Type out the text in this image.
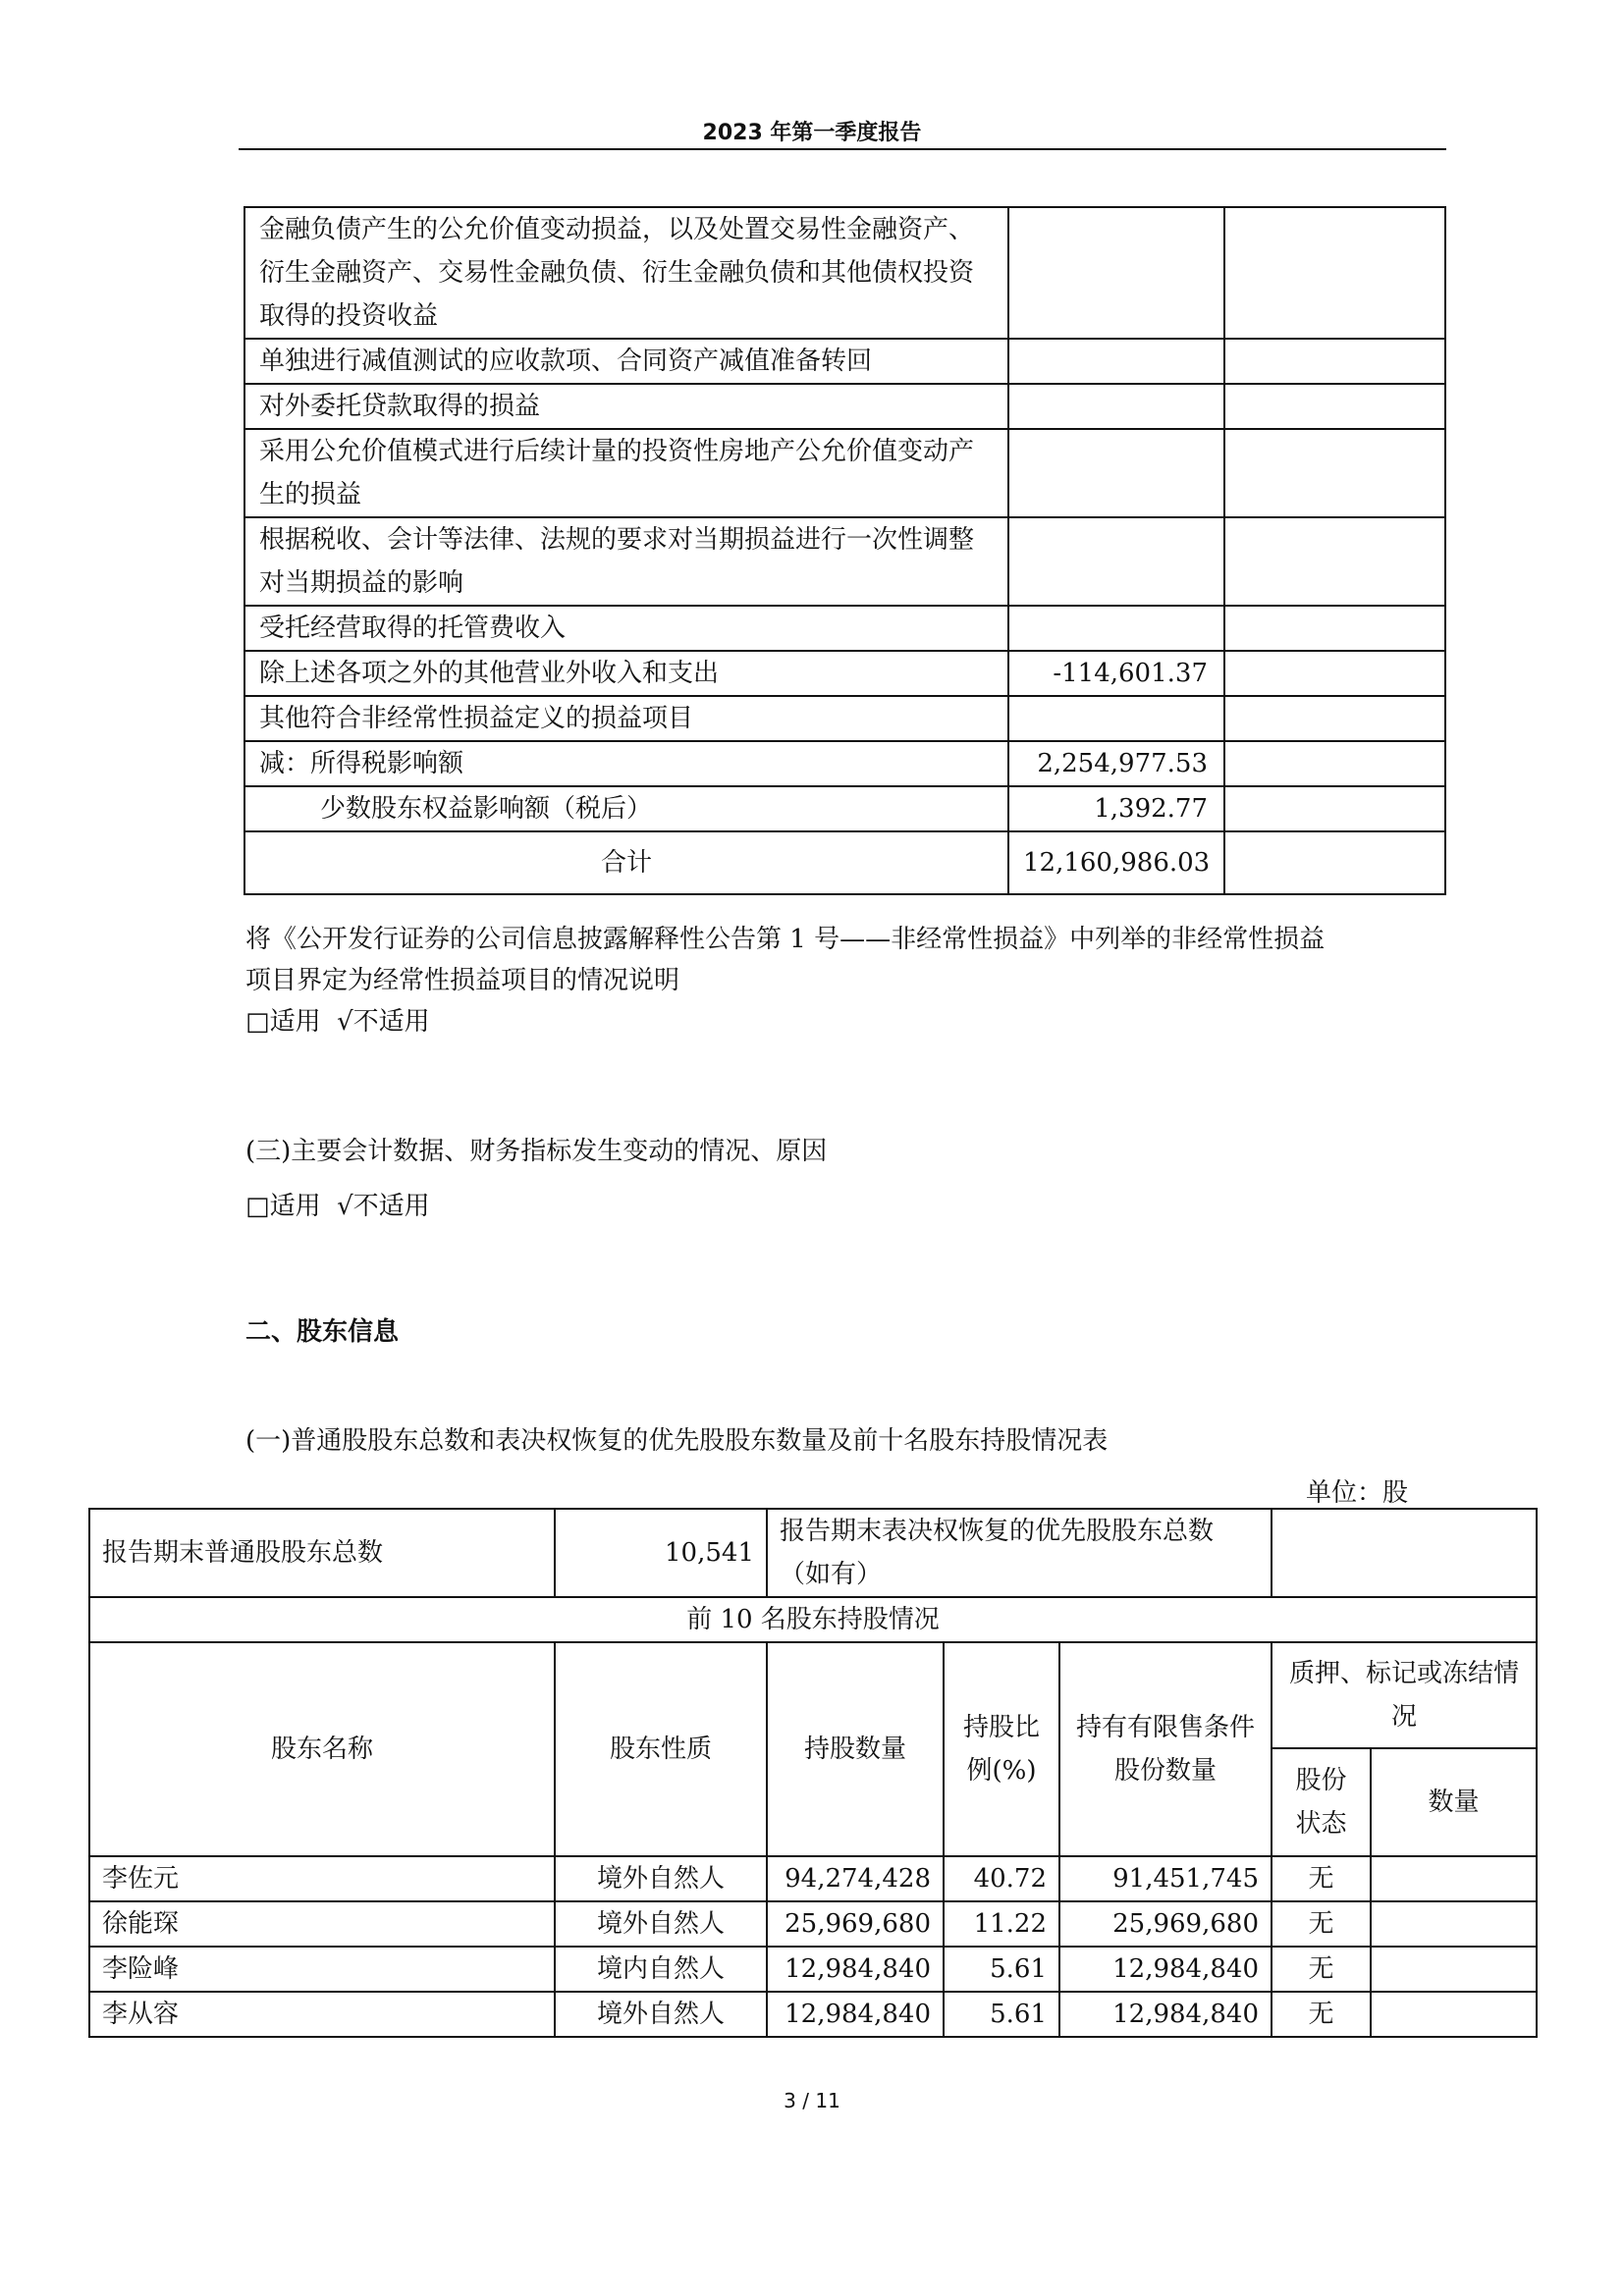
2023 年第一季度报告
金融负债产生的公允价值变动损益，以及处置交易性金融资产、衍生金融资产、交易性金融负债、衍生金融负债和其他债权投资取得的投资收益		
单独进行减值测试的应收款项、合同资产减值准备转回		
对外委托贷款取得的损益		
采用公允价值模式进行后续计量的投资性房地产公允价值变动产生的损益		
根据税收、会计等法律、法规的要求对当期损益进行一次性调整对当期损益的影响		
受托经营取得的托管费收入		
除上述各项之外的其他营业外收入和支出	-114,601.37	
其他符合非经常性损益定义的损益项目		
减：所得税影响额	2,254,977.53	
少数股东权益影响额（税后）	1,392.77	
合计	12,160,986.03	
将《公开发行证券的公司信息披露解释性公告第 1 号——非经常性损益》中列举的非经常性损益
项目界定为经常性损益项目的情况说明
□适用  √不适用
(三)主要会计数据、财务指标发生变动的情况、原因
□适用  √不适用
二、股东信息
(一)普通股股东总数和表决权恢复的优先股股东数量及前十名股东持股情况表
单位：股
报告期末普通股股东总数	10,541	报告期末表决权恢复的优先股股东总数（如有）				
前 10 名股东持股情况						
股东名称	股东性质	持股数量	持股比例(%)	持有有限售条件股份数量	质押、标记或冻结情况	
					股份状态	数量
李佐元	境外自然人	94,274,428	40.72	91,451,745	无	
徐能琛	境外自然人	25,969,680	11.22	25,969,680	无	
李险峰	境内自然人	12,984,840	5.61	12,984,840	无	
李从容	境外自然人	12,984,840	5.61	12,984,840	无	
3 / 11
